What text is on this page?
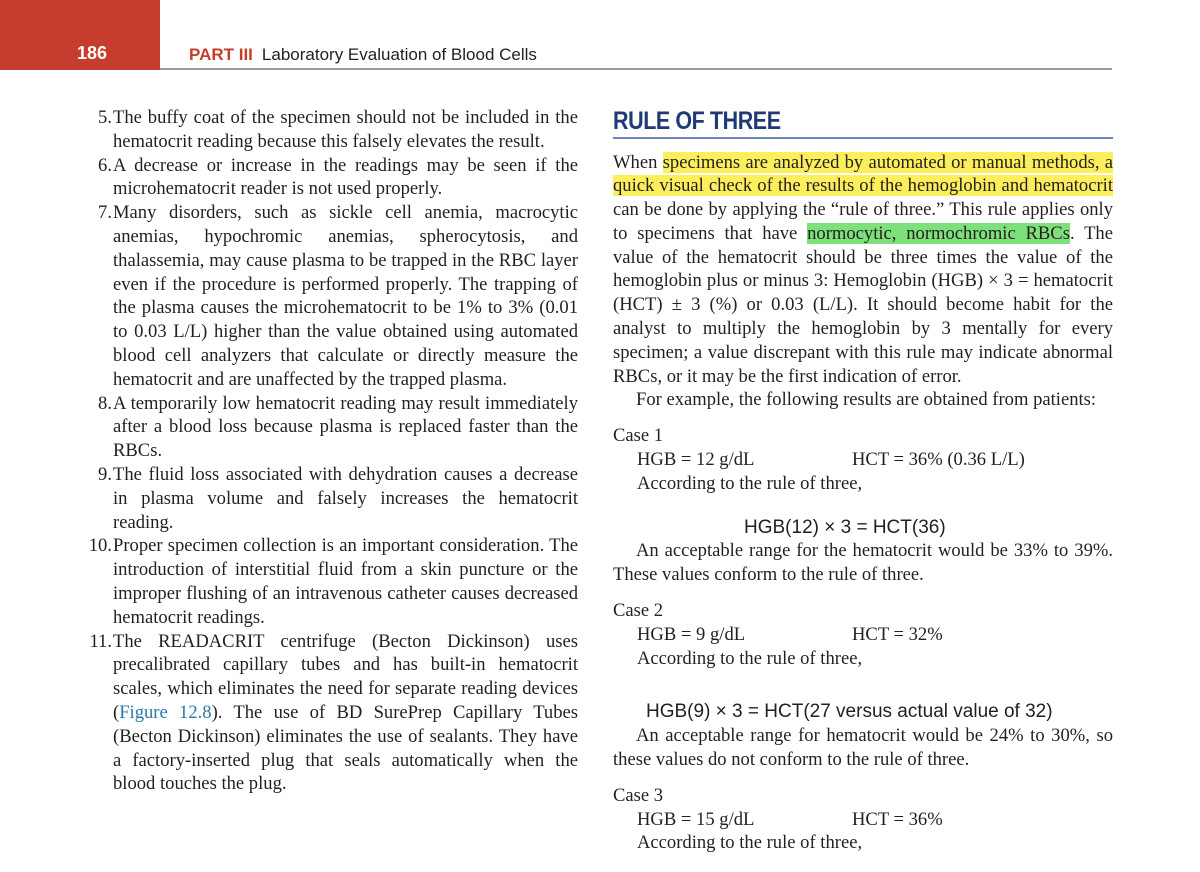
186	PART III Laboratory Evaluation of Blood Cells
5. The buffy coat of the specimen should not be included in the hematocrit reading because this falsely elevates the result.
6. A decrease or increase in the readings may be seen if the microhematocrit reader is not used properly.
7. Many disorders, such as sickle cell anemia, macrocytic anemias, hypochromic anemias, spherocytosis, and thalassemia, may cause plasma to be trapped in the RBC layer even if the procedure is performed properly. The trapping of the plasma causes the microhematocrit to be 1% to 3% (0.01 to 0.03 L/L) higher than the value obtained using automated blood cell analyzers that calculate or directly measure the hematocrit and are unaffected by the trapped plasma.
8. A temporarily low hematocrit reading may result immediately after a blood loss because plasma is replaced faster than the RBCs.
9. The fluid loss associated with dehydration causes a decrease in plasma volume and falsely increases the hematocrit reading.
10. Proper specimen collection is an important consideration. The introduction of interstitial fluid from a skin puncture or the improper flushing of an intravenous catheter causes decreased hematocrit readings.
11. The READACRIT centrifuge (Becton Dickinson) uses precalibrated capillary tubes and has built-in hematocrit scales, which eliminates the need for separate reading devices (Figure 12.8). The use of BD SurePrep Capillary Tubes (Becton Dickinson) eliminates the use of sealants. They have a factory-inserted plug that seals automatically when the blood touches the plug.
RULE OF THREE

When specimens are analyzed by automated or manual methods, a quick visual check of the results of the hemoglobin and hematocrit can be done by applying the “rule of three.” This rule applies only to specimens that have normocytic, normochromic RBCs. The value of the hematocrit should be three times the value of the hemoglobin plus or minus 3: Hemoglobin (HGB) × 3 = hematocrit (HCT) ± 3 (%) or 0.03 (L/L). It should become habit for the analyst to multiply the hemoglobin by 3 mentally for every specimen; a value discrepant with this rule may indicate abnormal RBCs, or it may be the first indication of error.

For example, the following results are obtained from patients:

Case 1

HGB = 12 g/dL	HCT = 36% (0.36 L/L)

According to the rule of three,

HGB(12) × 3 = HCT(36)

An acceptable range for the hematocrit would be 33% to 39%. These values conform to the rule of three.

Case 2

HGB = 9 g/dL	HCT = 32%

According to the rule of three,

HGB(9) × 3 = HCT(27 versus actual value of 32)

An acceptable range for hematocrit would be 24% to 30%, so these values do not conform to the rule of three.

Case 3

HGB = 15 g/dL	HCT = 36%

According to the rule of three,
